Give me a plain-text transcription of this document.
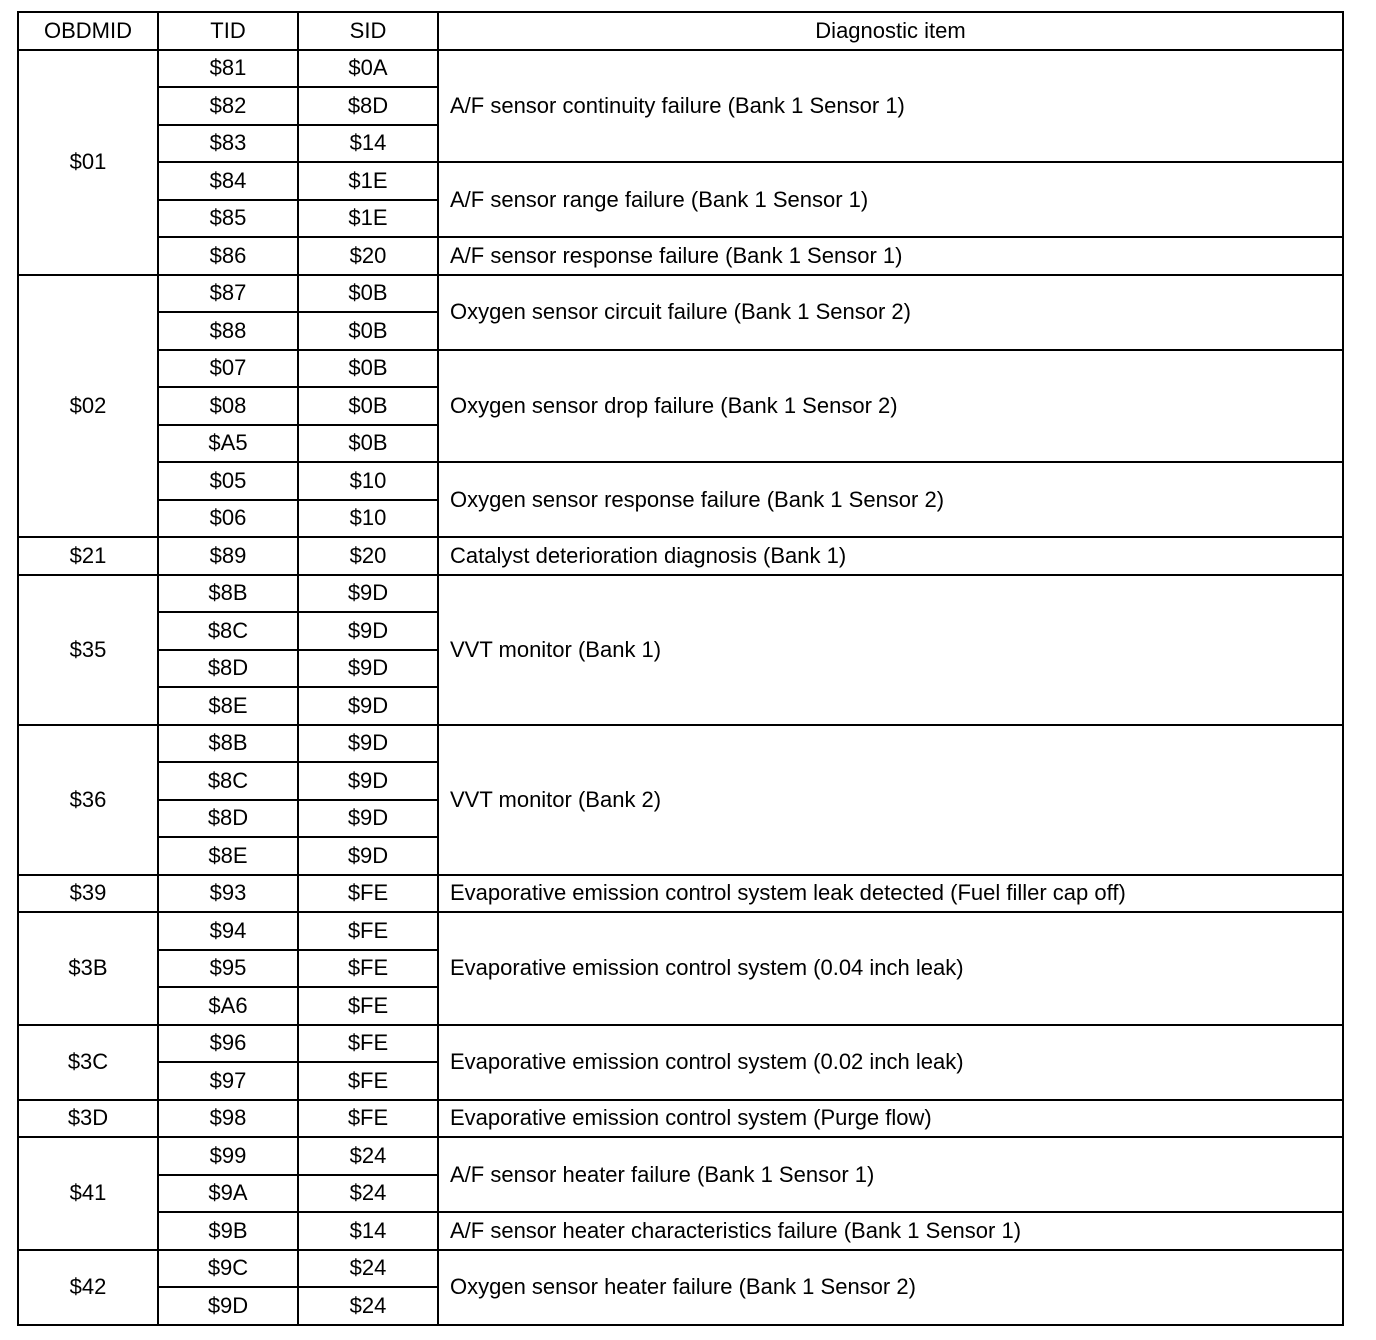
OBDMID	TID	SID	Diagnostic item
$01	$81	$0A	A/F sensor continuity failure (Bank 1 Sensor 1)
	$82	$8D	
	$83	$14	
	$84	$1E	A/F sensor range failure (Bank 1 Sensor 1)
	$85	$1E	
	$86	$20	A/F sensor response failure (Bank 1 Sensor 1)
$02	$87	$0B	Oxygen sensor circuit failure (Bank 1 Sensor 2)
	$88	$0B	
	$07	$0B	Oxygen sensor drop failure (Bank 1 Sensor 2)
	$08	$0B	
	$A5	$0B	
	$05	$10	Oxygen sensor response failure (Bank 1 Sensor 2)
	$06	$10	
$21	$89	$20	Catalyst deterioration diagnosis (Bank 1)
$35	$8B	$9D	VVT monitor (Bank 1)
	$8C	$9D	
	$8D	$9D	
	$8E	$9D	
$36	$8B	$9D	VVT monitor (Bank 2)
	$8C	$9D	
	$8D	$9D	
	$8E	$9D	
$39	$93	$FE	Evaporative emission control system leak detected (Fuel filler cap off)
$3B	$94	$FE	Evaporative emission control system (0.04 inch leak)
	$95	$FE	
	$A6	$FE	
$3C	$96	$FE	Evaporative emission control system (0.02 inch leak)
	$97	$FE	
$3D	$98	$FE	Evaporative emission control system (Purge flow)
$41	$99	$24	A/F sensor heater failure (Bank 1 Sensor 1)
	$9A	$24	
	$9B	$14	A/F sensor heater characteristics failure (Bank 1 Sensor 1)
$42	$9C	$24	Oxygen sensor heater failure (Bank 1 Sensor 2)
	$9D	$24	
